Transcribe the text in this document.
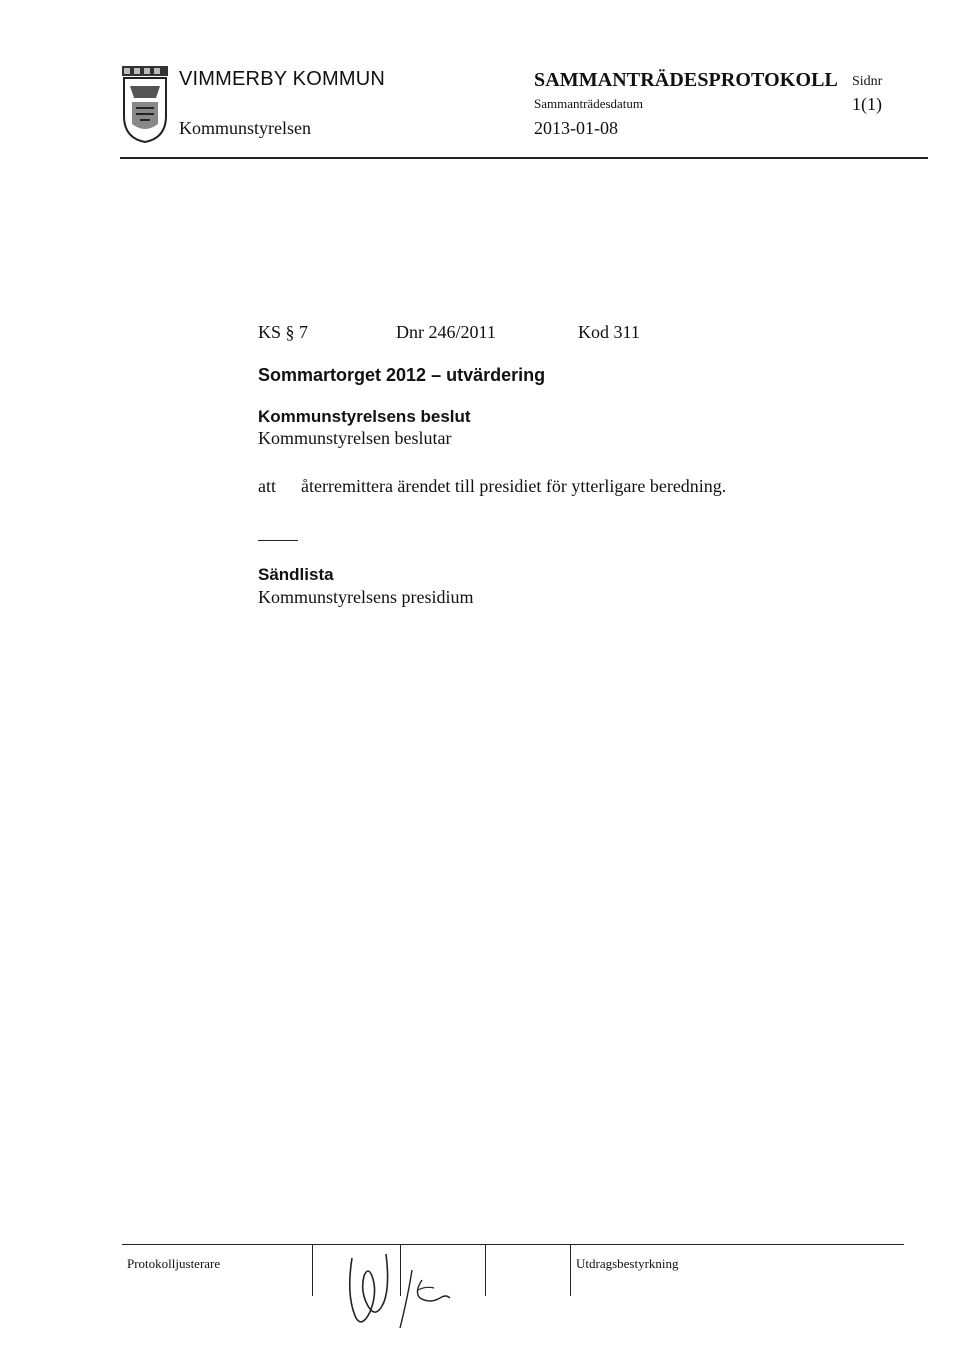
VIMMERBY KOMMUN
Kommunstyrelsen
SAMMANTRÄDESPROTOKOLL
Sammanträdesdatum
2013-01-08
Sidnr
1(1)
KS § 7	Dnr 246/2011	Kod 311
Sommartorget 2012 – utvärdering
Kommunstyrelsens beslut
Kommunstyrelsen beslutar
att återremittera ärendet till presidiet för ytterligare beredning.
Sändlista
Kommunstyrelsens presidium
Protokolljusterare	Utdragsbestyrkning
